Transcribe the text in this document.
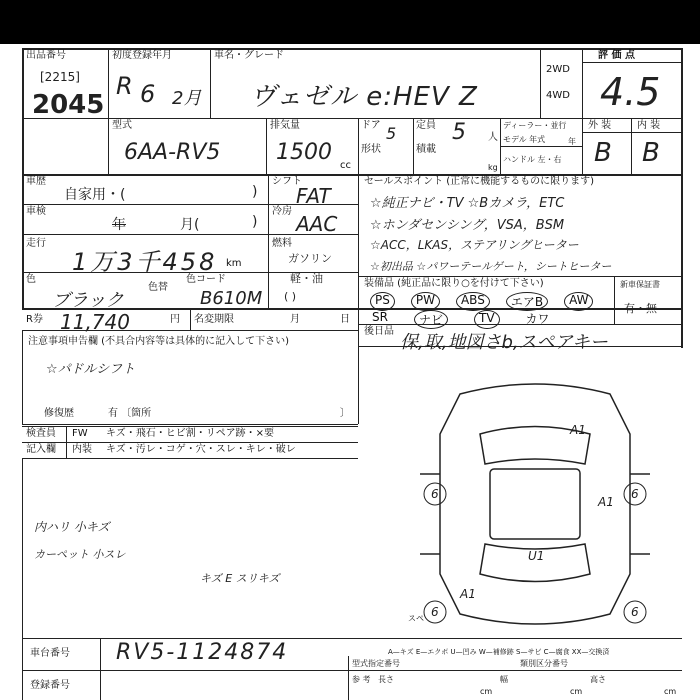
出品番号
[2215]
2045
初度登録年月
R 6 2月
車名・グレード
ヴェゼル e:HEV Z
2WD
4WD
評 価 点
4.5
外 装	内 装
B B
型式
6AA-RV5
排気量
1500
cc
ドア 5 定員 5 人
ディーラー・並行
モデル 年式	年
形状	積載
kg
ハンドル 左・右
車歴
自家用・(	)
車検
年	月(	)
走行
1万3千458 km
色
ブラック
色替
色コード
B610M
シフト
FAT
冷房
AAC
燃料
ガソリン
軽・油
( )
R券 11,740	円 名変期限	月	日
セールスポイント (正常に機能するものに限ります)
☆純正ナビ・TV ☆Bカメラ，ETC
☆ホンダセンシング，VSA，BSM
☆ACC，LKAS，ステアリングヒーター
☆初出品 ☆パワーテールゲート，シートヒーター
装備品 (純正品に限り○を付けて下さい)	新車保証書
有・無
PS	PW	ABS	エアB	AW
SR	ナビ	TV	カワ
後日品
保,取,地図さb,スペアキー
注意事項申告欄 (不具合内容等は具体的に記入して下さい)
☆パドルシフト
修復歴	有 〔箇所	〕
検査員 FW キズ・飛石・ヒビ割・リペア跡・×要
記入欄 内装 キズ・汚レ・コゲ・穴・スレ・キレ・破レ
内ハリ 小キズ
カーペット 小スレ
キズ E スリキズ
A1
A1
A1
6	6
6	6
U1
スペ
車台番号 RV5-1124874
登録番号
A—キズ E—エクボ U—凹み W—補修跡 S—サビ C—腐食 XX—交換済
型式指定番号	類別区分番号
参 考 長さ
cm
幅
cm
高さ
cm
